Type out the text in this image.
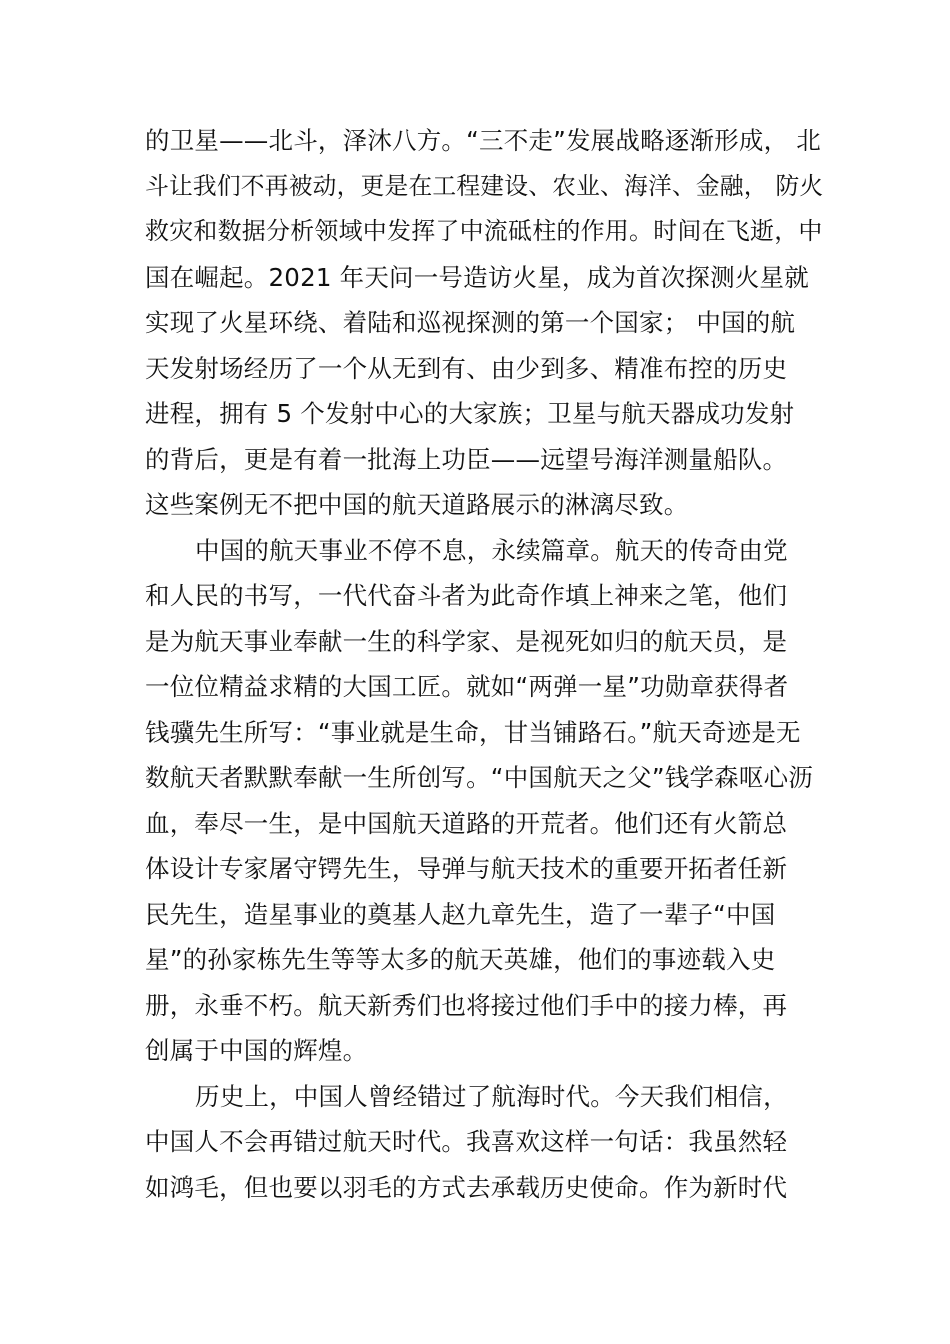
的卫星——北斗，泽沐八方。“三不走”发展战略逐渐形成， 北
斗让我们不再被动，更是在工程建设、农业、海洋、金融， 防火
救灾和数据分析领域中发挥了中流砥柱的作用。时间在飞逝，中
国在崛起。2021 年天问一号造访火星，成为首次探测火星就
实现了火星环绕、着陆和巡视探测的第一个国家； 中国的航
天发射场经历了一个从无到有、由少到多、精准布控的历史
进程，拥有 5 个发射中心的大家族；卫星与航天器成功发射
的背后，更是有着一批海上功臣——远望号海洋测量船队。
这些案例无不把中国的航天道路展示的淋漓尽致。
中国的航天事业不停不息，永续篇章。航天的传奇由党
和人民的书写，一代代奋斗者为此奇作填上神来之笔，他们
是为航天事业奉献一生的科学家、是视死如归的航天员，是
一位位精益求精的大国工匠。就如“两弹一星”功勋章获得者
钱骥先生所写：“事业就是生命，甘当铺路石。”航天奇迹是无
数航天者默默奉献一生所创写。“中国航天之父”钱学森呕心沥
血，奉尽一生，是中国航天道路的开荒者。他们还有火箭总
体设计专家屠守锷先生，导弹与航天技术的重要开拓者任新
民先生，造星事业的奠基人赵九章先生，造了一辈子“中国
星”的孙家栋先生等等太多的航天英雄，他们的事迹载入史
册，永垂不朽。航天新秀们也将接过他们手中的接力棒，再
创属于中国的辉煌。
历史上，中国人曾经错过了航海时代。今天我们相信，
中国人不会再错过航天时代。我喜欢这样一句话：我虽然轻
如鸿毛，但也要以羽毛的方式去承载历史使命。作为新时代
